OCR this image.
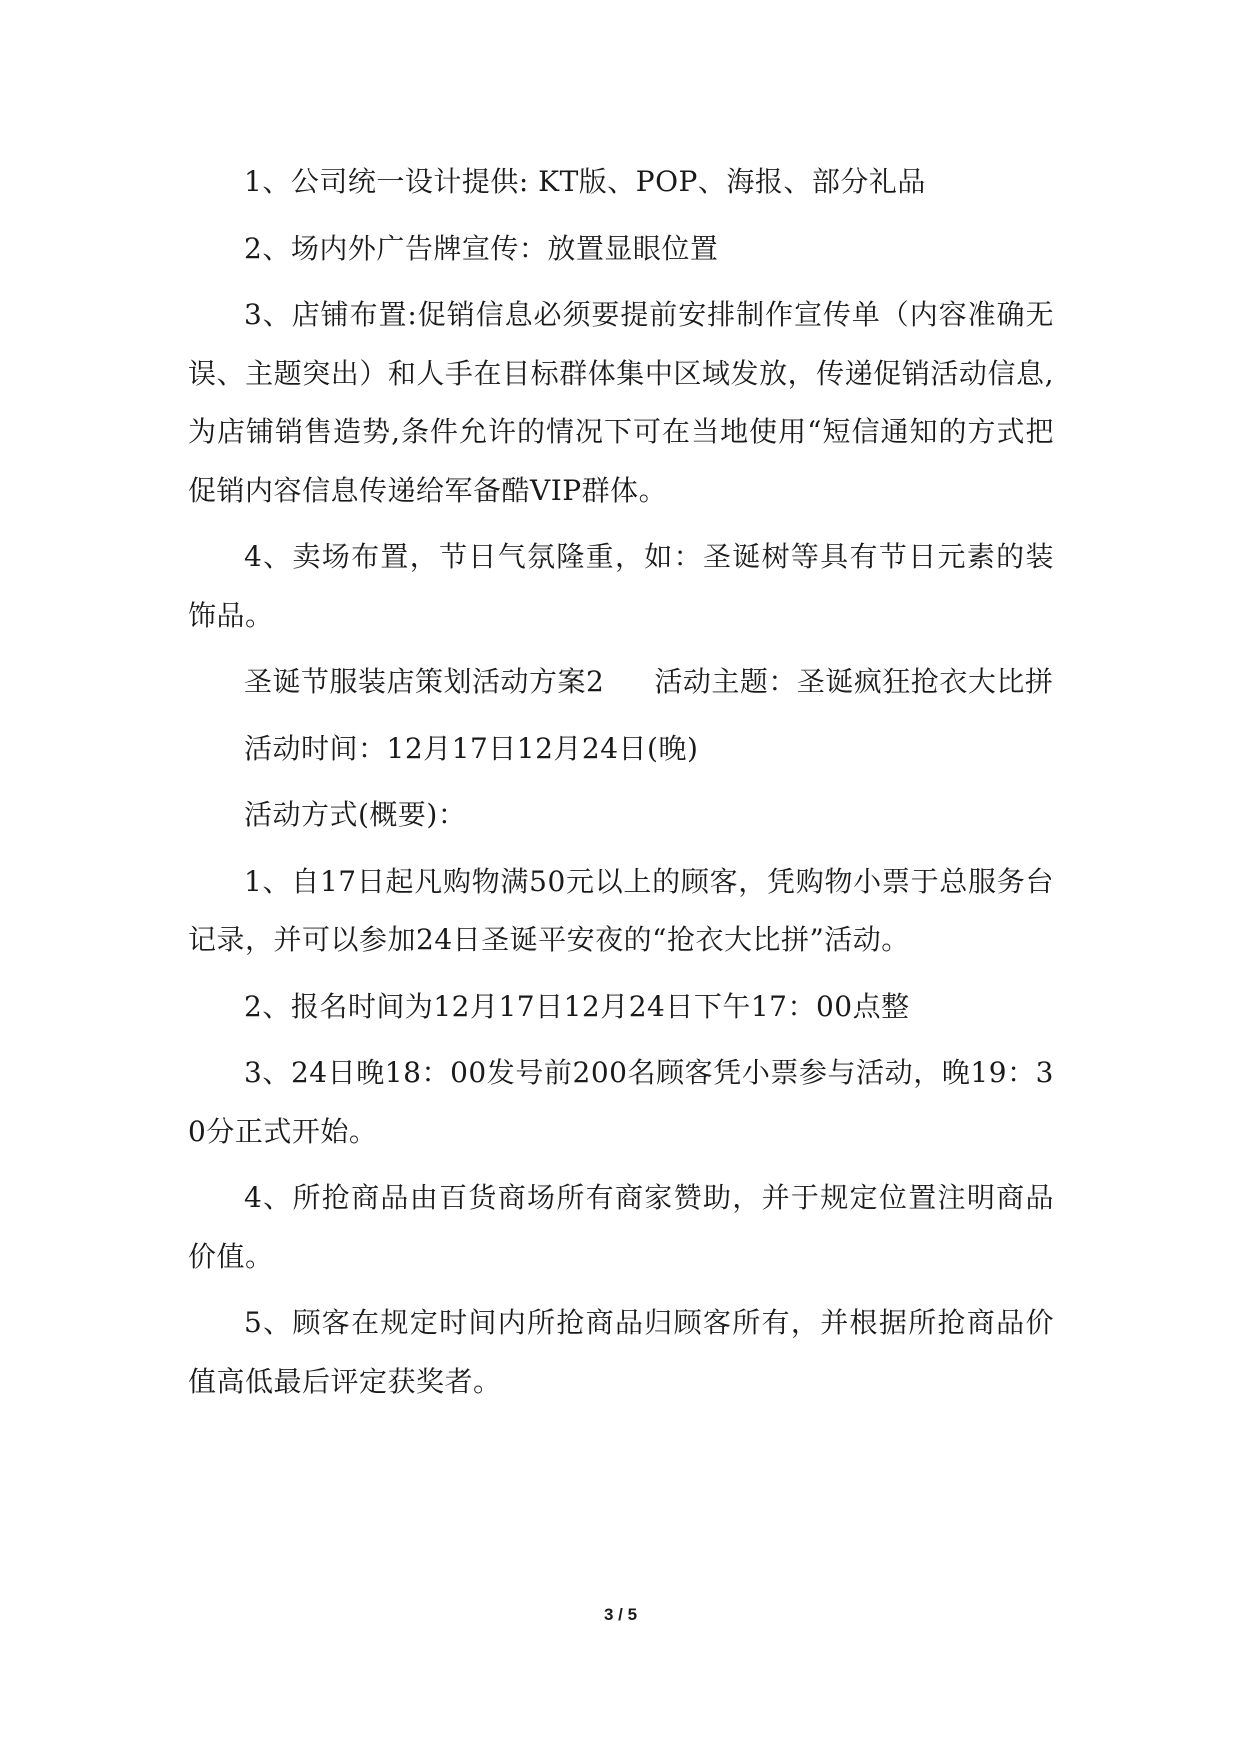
1、公司统一设计提供: KT版、POP、海报、部分礼品

2、场内外广告牌宣传：放置显眼位置

3、店铺布置:促销信息必须要提前安排制作宣传单（内容准确无误、主题突出）和人手在目标群体集中区域发放，传递促销活动信息,为店铺销售造势,条件允许的情况下可在当地使用“短信通知的方式把促销内容信息传递给军备酷VIP群体。

4、卖场布置，节日气氛隆重，如：圣诞树等具有节日元素的装饰品。

圣诞节服装店策划活动方案2 活动主题：圣诞疯狂抢衣大比拼

活动时间：12月17日12月24日(晚)

活动方式(概要)：

1、自17日起凡购物满50元以上的顾客，凭购物小票于总服务台记录，并可以参加24日圣诞平安夜的“抢衣大比拼”活动。

2、报名时间为12月17日12月24日下午17：00点整

3、24日晚18：00发号前200名顾客凭小票参与活动，晚19：30分正式开始。

4、所抢商品由百货商场所有商家赞助，并于规定位置注明商品价值。

5、顾客在规定时间内所抢商品归顾客所有，并根据所抢商品价值高低最后评定获奖者。

3 / 5
